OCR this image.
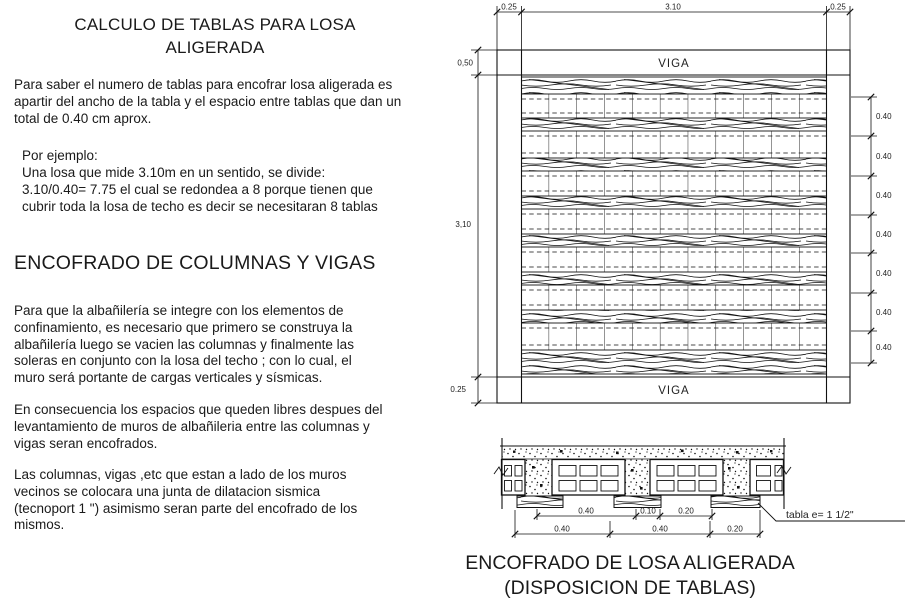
CALCULO DE TABLAS PARA LOSA ALIGERADA
Para saber el numero de tablas para encofrar losa aligerada es apartir del ancho de la tabla y el espacio entre tablas que dan un total de 0.40 cm aprox.
Por ejemplo:
Una losa que mide 3.10m en un sentido, se divide:
3.10/0.40= 7.75 el cual se redondea a 8 porque tienen que
cubrir toda la losa de techo es decir se necesitaran 8 tablas
ENCOFRADO DE COLUMNAS Y VIGAS
Para que la albañilería se integre con los elementos de confinamiento, es necesario que primero se construya la albañilería luego se vacien las columnas y finalmente las soleras en conjunto con la losa del techo ; con lo cual, el muro será portante de cargas verticales y sísmicas.
En consecuencia los espacios que queden libres despues del levantamiento de muros de albañileria entre las columnas y vigas seran encofrados.
Las columnas, vigas ,etc que estan a lado de los muros vecinos se colocara una junta de dilatacion sismica (tecnoport 1 ") asimismo seran parte del encofrado de los mismos.
VIGA
VIGA
0.25	3.10	0.25
0,50
3,10
0.25
0.40
0.40
0.40
0.40
0.40
0.40
0.40
0.40	0.10	0.20
0.40	0.40	0.20
tabla e= 1 1/2"
ENCOFRADO DE LOSA ALIGERADA
(DISPOSICION DE TABLAS)
